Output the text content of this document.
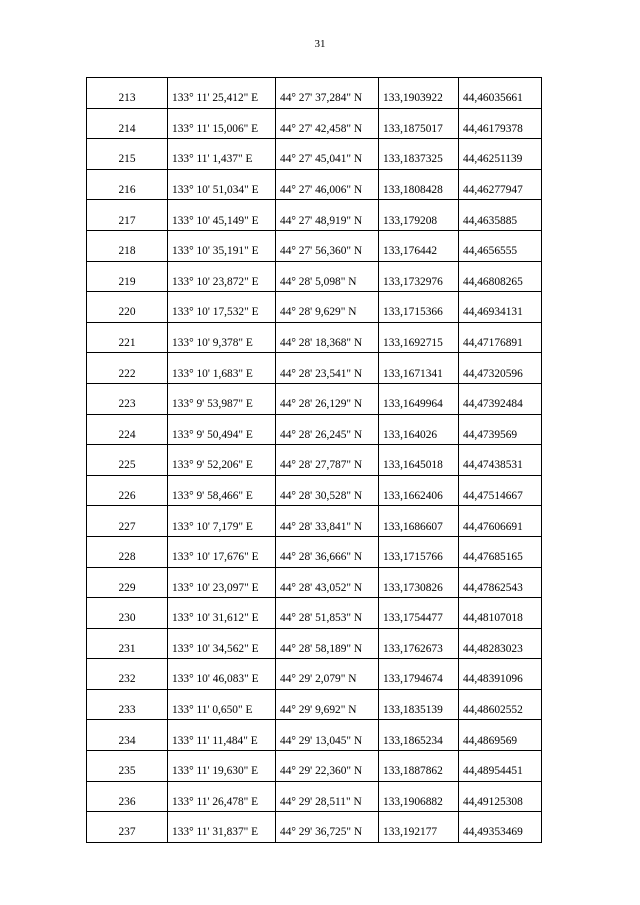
31
213	133° 11' 25,412" E	44° 27' 37,284" N	133,1903922	44,46035661
214	133° 11' 15,006" E	44° 27' 42,458" N	133,1875017	44,46179378
215	133° 11' 1,437" E	44° 27' 45,041" N	133,1837325	44,46251139
216	133° 10' 51,034" E	44° 27' 46,006" N	133,1808428	44,46277947
217	133° 10' 45,149" E	44° 27' 48,919" N	133,179208	44,4635885
218	133° 10' 35,191" E	44° 27' 56,360" N	133,176442	44,4656555
219	133° 10' 23,872" E	44° 28' 5,098" N	133,1732976	44,46808265
220	133° 10' 17,532" E	44° 28' 9,629" N	133,1715366	44,46934131
221	133° 10' 9,378" E	44° 28' 18,368" N	133,1692715	44,47176891
222	133° 10' 1,683" E	44° 28' 23,541" N	133,1671341	44,47320596
223	133° 9' 53,987" E	44° 28' 26,129" N	133,1649964	44,47392484
224	133° 9' 50,494" E	44° 28' 26,245" N	133,164026	44,4739569
225	133° 9' 52,206" E	44° 28' 27,787" N	133,1645018	44,47438531
226	133° 9' 58,466" E	44° 28' 30,528" N	133,1662406	44,47514667
227	133° 10' 7,179" E	44° 28' 33,841" N	133,1686607	44,47606691
228	133° 10' 17,676" E	44° 28' 36,666" N	133,1715766	44,47685165
229	133° 10' 23,097" E	44° 28' 43,052" N	133,1730826	44,47862543
230	133° 10' 31,612" E	44° 28' 51,853" N	133,1754477	44,48107018
231	133° 10' 34,562" E	44° 28' 58,189" N	133,1762673	44,48283023
232	133° 10' 46,083" E	44° 29' 2,079" N	133,1794674	44,48391096
233	133° 11' 0,650" E	44° 29' 9,692" N	133,1835139	44,48602552
234	133° 11' 11,484" E	44° 29' 13,045" N	133,1865234	44,4869569
235	133° 11' 19,630" E	44° 29' 22,360" N	133,1887862	44,48954451
236	133° 11' 26,478" E	44° 29' 28,511" N	133,1906882	44,49125308
237	133° 11' 31,837" E	44° 29' 36,725" N	133,192177	44,49353469
